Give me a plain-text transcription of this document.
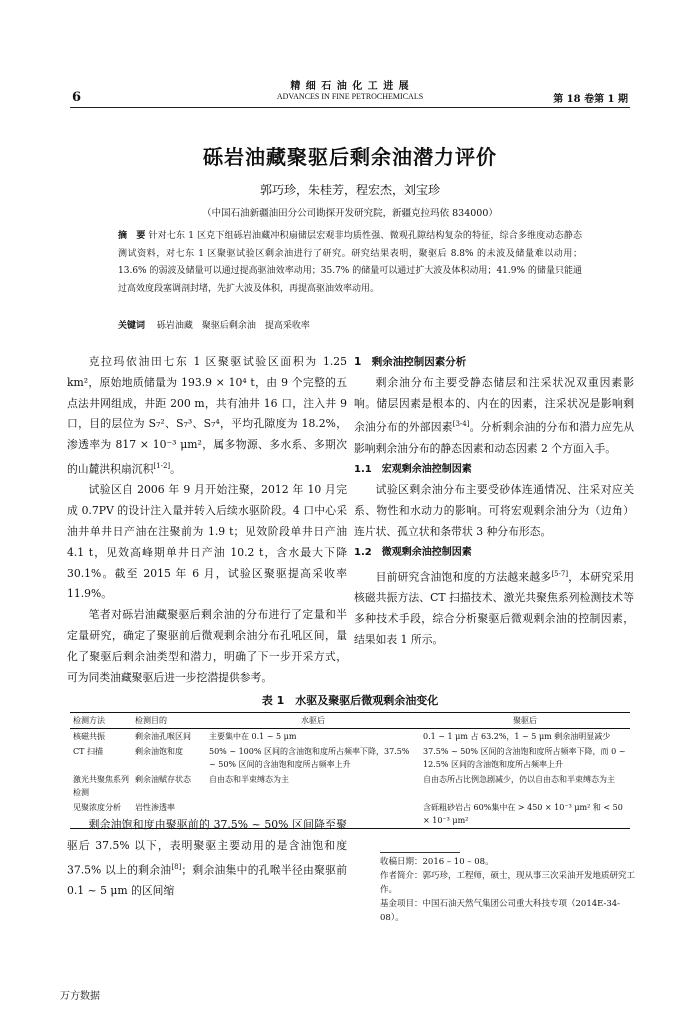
6
精 细 石 油 化 工 进 展
ADVANCES IN FINE PETROCHEMICALS	第 18 卷第 1 期
砾岩油藏聚驱后剩余油潜力评价
郭巧珍，朱桂芳，程宏杰，刘宝珍
（中国石油新疆油田分公司勘探开发研究院，新疆克拉玛依 834000）
摘　要 针对七东 1 区克下组砾岩油藏冲积扇储层宏观非均质性强、微观孔隙结构复杂的特征，综合多维度动态静态测试资料，对七东 1 区聚驱试验区剩余油进行了研究。研究结果表明，聚驱后 8.8% 的未波及储量难以动用；13.6% 的弱波及储量可以通过提高驱油效率动用；35.7% 的储量可以通过扩大波及体积动用；41.9% 的储量只能通过高效度段塞调剖封堵，先扩大波及体积，再提高驱油效率动用。
关键词　 砾岩油藏　聚驱后剩余油　提高采收率

克拉玛依油田七东 1 区聚驱试验区面积为 1.25 km²，原始地质储量为 193.9 × 10⁴ t，由 9 个完整的五点法井网组成，井距 200 m，共有油井 16 口，注入井 9 口，目的层位为 S₇²、S₇³、S₇⁴，平均孔隙度为 18.2%，渗透率为 817 × 10⁻³ μm²，属多物源、多水系、多期次的山麓洪积扇沉积[1-2]。

试验区自 2006 年 9 月开始注聚，2012 年 10 月完成 0.7PV 的设计注入量并转入后续水驱阶段。4 口中心采油井单井日产油在注聚前为 1.9 t；见效阶段单井日产油 4.1 t，见效高峰期单井日产油 10.2 t，含水最大下降 30.1%。截至 2015 年 6 月，试验区聚驱提高采收率 11.9%。

笔者对砾岩油藏聚驱后剩余油的分布进行了定量和半定量研究，确定了聚驱前后微观剩余油分布孔吼区间，量化了聚驱后剩余油类型和潜力，明确了下一步开采方式，可为同类油藏聚驱后进一步挖潜提供参考。

1　剩余油控制因素分析

剩余油分布主要受静态储层和注采状况双重因素影响。储层因素是根本的、内在的因素，注采状况是影响剩余油分布的外部因素[3-4]。分析剩余油的分布和潜力应先从影响剩余油分布的静态因素和动态因素 2 个方面入手。

1.1　宏观剩余油控制因素

试验区剩余油分布主要受砂体连通情况、注采对应关系、物性和水动力的影响。可将宏观剩余油分为（边角）连片状、孤立状和条带状 3 种分布形态。

1.2　微观剩余油控制因素

目前研究含油饱和度的方法越来越多[5-7]，本研究采用核磁共振方法、CT 扫描技术、激光共聚焦系列检测技术等多种技术手段，综合分析聚驱后微观剩余油的控制因素，结果如表 1 所示。

表 1　水驱及聚驱后微观剩余油变化
检测方法	检测目的	水驱后	聚驱后
核磁共振	剩余油孔喉区间	主要集中在 0.1 ~ 5 μm	0.1 ~ 1 μm 占 63.2%，1 ~ 5 μm 剩余油明显减少
CT 扫描	剩余油饱和度	50% ~ 100% 区间的含油饱和度所占频率下降，37.5% ~ 50% 区间的含油饱和度所占频率上升	37.5% ~ 50% 区间的含油饱和度所占频率下降，而 0 ~ 12.5% 区间的含油饱和度所占频率上升
激光共聚焦系列检测	剩余油赋存状态	自由态和半束缚态为主	自由态所占比例急剧减少，仍以自由态和半束缚态为主
见聚浓度分析	岩性渗透率		含砾粗砂岩占 60%集中在 > 450 × 10⁻³ μm² 和 < 50 × 10⁻³ μm²

剩余油饱和度由聚驱前的 37.5% ~ 50% 区间降至聚驱后 37.5% 以下，表明聚驱主要动用的是含油饱和度 37.5% 以上的剩余油[8]；剩余油集中的孔喉半径由聚驱前 0.1 ~ 5 μm 的区间缩

收稿日期：2016 – 10 – 08。
作者简介：郭巧珍，工程师，硕士，现从事三次采油开发地质研究工作。
基金项目：中国石油天然气集团公司重大科技专项（2014E-34-08）。
万方数据
